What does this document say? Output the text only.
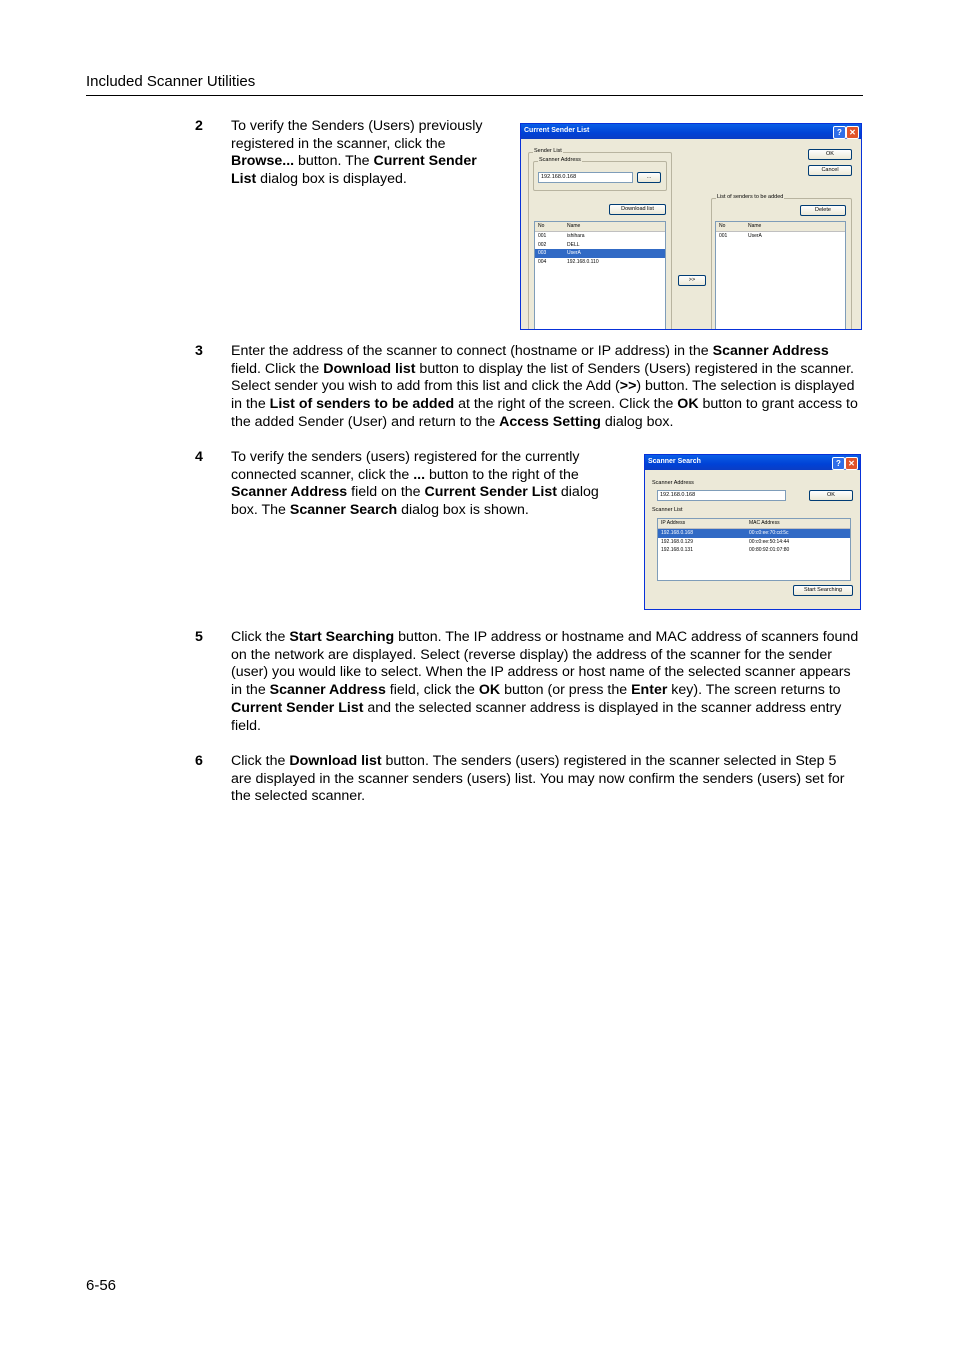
Included Scanner Utilities
2 To verify the Senders (Users) previously
registered in the scanner, click the
Browse... button. The Current Sender
List dialog box is displayed.
3 Enter the address of the scanner to connect (hostname or IP address) in the Scanner Address
field. Click the Download list button to display the list of Senders (Users) registered in the scanner.
Select sender you wish to add from this list and click the Add (>>) button. The selection is displayed
in the List of senders to be added at the right of the screen. Click the OK button to grant access to
the added Sender (User) and return to the Access Setting dialog box.
4 To verify the senders (users) registered for the currently
connected scanner, click the ... button to the right of the
Scanner Address field on the Current Sender List dialog
box. The Scanner Search dialog box is shown.
5 Click the Start Searching button. The IP address or hostname and MAC address of scanners found
on the network are displayed. Select (reverse display) the address of the scanner for the sender
(user) you would like to select. When the IP address or host name of the selected scanner appears
in the Scanner Address field, click the OK button (or press the Enter key). The screen returns to
Current Sender List and the selected scanner address is displayed in the scanner address entry
field.
6 Click the Download list button. The senders (users) registered in the scanner selected in Step 5
are displayed in the scanner senders (users) list. You may now confirm the senders (users) set for
the selected scanner.
Current Sender List	? ✕
Sender List
Scanner Address
192.168.0.168	...
Download list
No	Name
001	ishihara
002	DELL
003	UserA
004	192.168.0.110
>>
OK
Cancel
List of senders to be added
Delete
No	Name
001	UserA
Scanner Search	? ✕
Scanner Address
192.168.0.168	OK
Scanner List
IP Address	MAC Address
192.168.0.168	00:c0:ee:70:cd:5c
192.168.0.129	00:c0:ee:50:14:44
192.168.0.131	00:80:92:01:07:80
Start Searching
6-56
